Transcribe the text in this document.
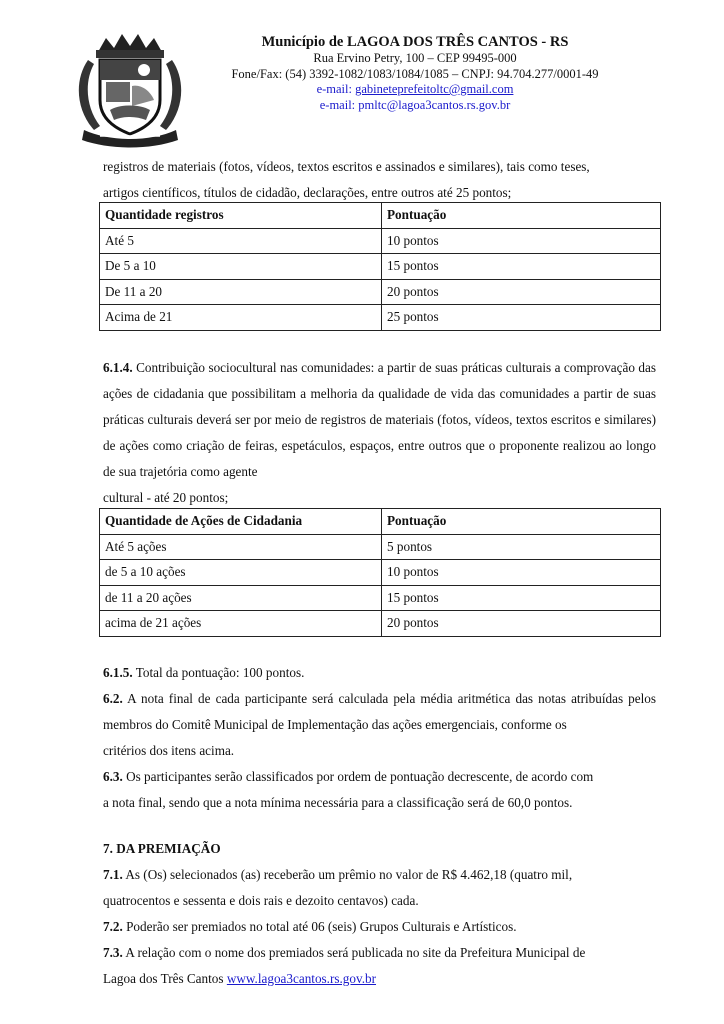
Município de LAGOA DOS TRÊS CANTOS - RS
Rua Ervino Petry, 100 – CEP 99495-000
Fone/Fax: (54) 3392-1082/1083/1084/1085 – CNPJ: 94.704.277/0001-49
e-mail: gabineteprefeitoltc@gmail.com
e-mail: pmltc@lagoa3cantos.rs.gov.br
registros de materiais (fotos, vídeos, textos escritos e assinados e similares), tais como teses,
artigos científicos, títulos de cidadão, declarações, entre outros até 25 pontos;
Quantidade registros	Pontuação
Até 5	10 pontos
De 5 a 10	15 pontos
De 11 a 20	20 pontos
Acima de 21	25 pontos
6.1.4. Contribuição sociocultural nas comunidades: a partir de suas práticas culturais a comprovação das ações de cidadania que possibilitam a melhoria da qualidade de vida das comunidades a partir de suas práticas culturais deverá ser por meio de registros de materiais (fotos, vídeos, textos escritos e similares) de ações como criação de feiras, espetáculos, espaços, entre outros que o proponente realizou ao longo de sua trajetória como agente
cultural - até 20 pontos;
Quantidade de Ações de Cidadania	Pontuação
Até 5 ações	5 pontos
de 5 a 10 ações	10 pontos
de 11 a 20 ações	15 pontos
acima de 21 ações	20 pontos
6.1.5. Total da pontuação: 100 pontos.
6.2. A nota final de cada participante será calculada pela média aritmética das notas atribuídas pelos membros do Comitê Municipal de Implementação das ações emergenciais, conforme os
critérios dos itens acima.
6.3. Os participantes serão classificados por ordem de pontuação decrescente, de acordo com
a nota final, sendo que a nota mínima necessária para a classificação será de 60,0 pontos.
7. DA PREMIAÇÃO
7.1. As (Os) selecionados (as) receberão um prêmio no valor de R$ 4.462,18 (quatro mil,
quatrocentos e sessenta e dois rais e dezoito centavos) cada.
7.2. Poderão ser premiados no total até 06 (seis) Grupos Culturais e Artísticos.
7.3. A relação com o nome dos premiados será publicada no site da Prefeitura Municipal de
Lagoa dos Três Cantos www.lagoa3cantos.rs.gov.br
